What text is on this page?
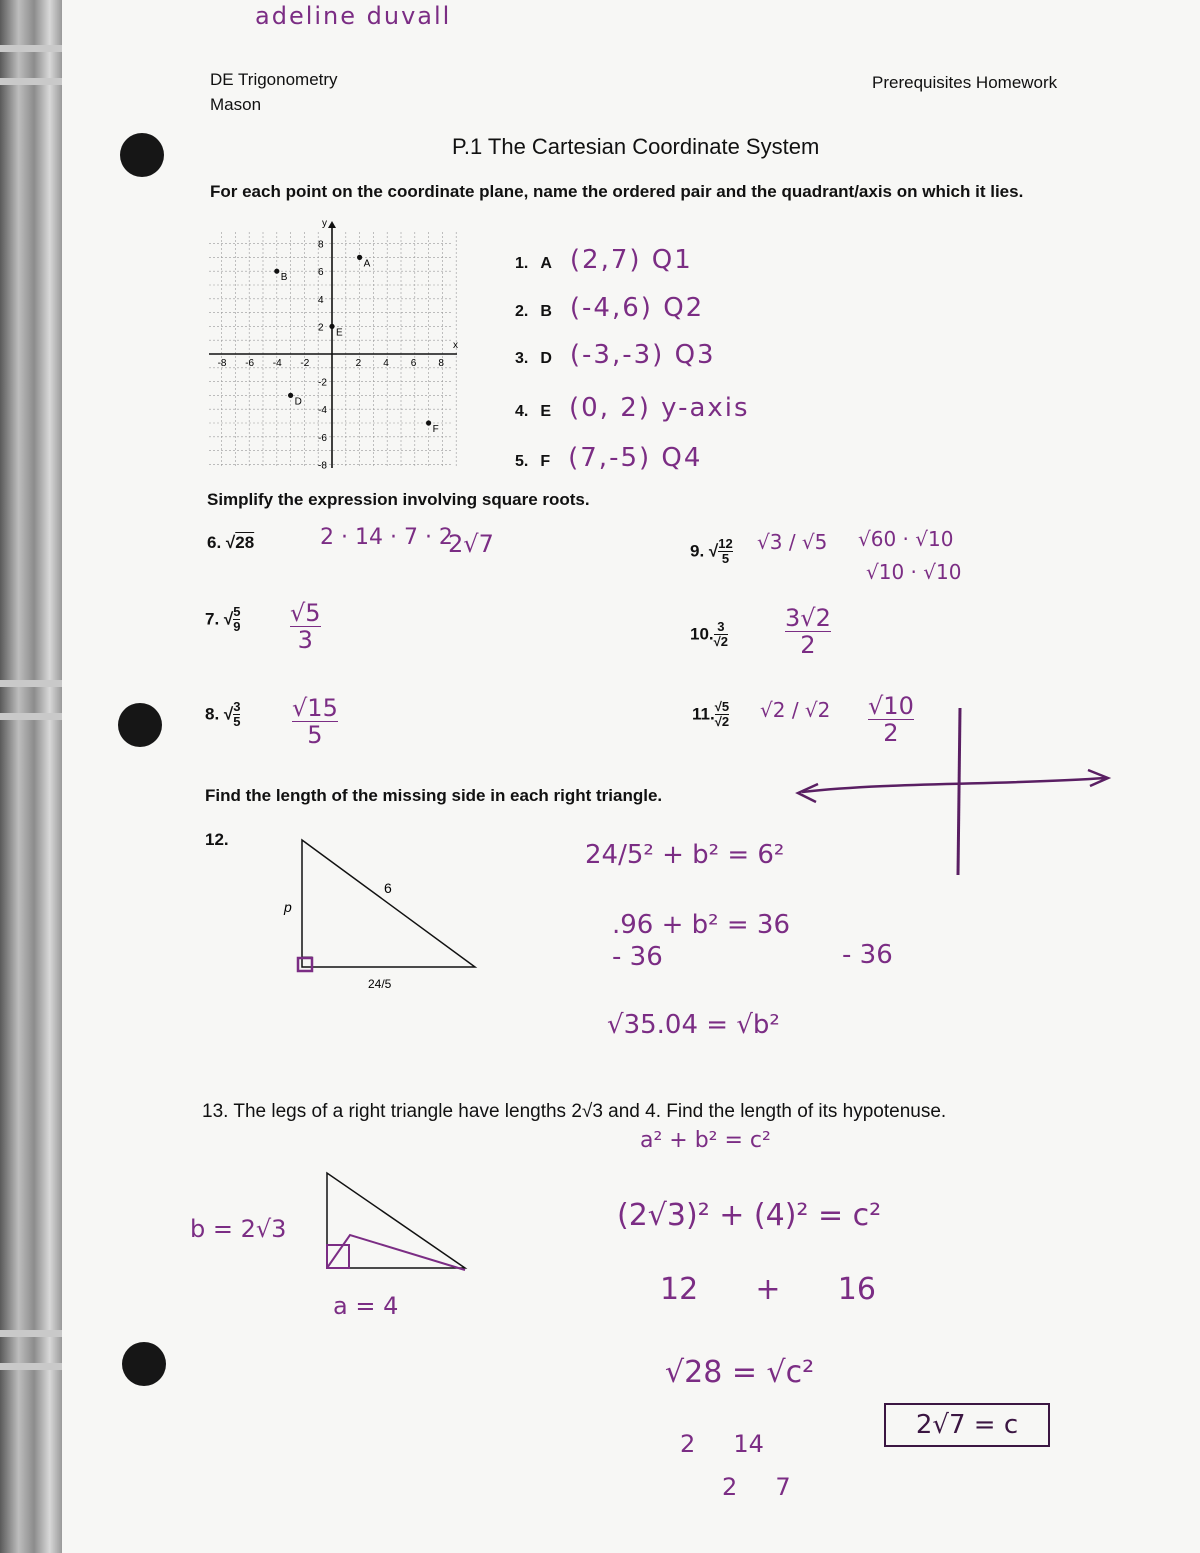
adeline duvall
DE Trigonometry
Mason
Prerequisites Homework
P.1 The Cartesian Coordinate System
For each point on the coordinate plane, name the ordered pair and the quadrant/axis on which it lies.
x
y
-8 -6 -4 -2	2 4 6 8
8
6
4
2
-2
-4
-6
-8
A
B
D
E
F
1. A (2,7) Q1
2. B (-4,6) Q2
3. D (-3,-3) Q3
4. E (0, 2) y-axis
5. F (7,-5) Q4
Simplify the expression involving square roots.
6. √28	2 · 14 · 7 · 2
2√7
7. √ $\frac{5}{9} \frac{√5}{3}$
8. √ $\frac{3}{5} \frac{√15}{5}$
9. √ $\frac{12}{5} √3 / √5$ √60 · √10
√10 · √10
10. $\frac{3}{√2} \frac{3√2}{2}$
11. $\frac{√5}{√2} √2 / √2 \frac{√10}{2}$
Find the length of the missing side in each right triangle.
12.
p
6
24/5
24/5² + b² = 6²
.96 + b² = 36
- 36	- 36
√35.04 = √b²
13. The legs of a right triangle have lengths 2√3 and 4. Find the length of its hypotenuse.
a² + b² = c²
b = 2√3
a = 4
(2√3)² + (4)² = c²
12      +      16
√28 = √c²
2     14
2     7
2√7 = c
